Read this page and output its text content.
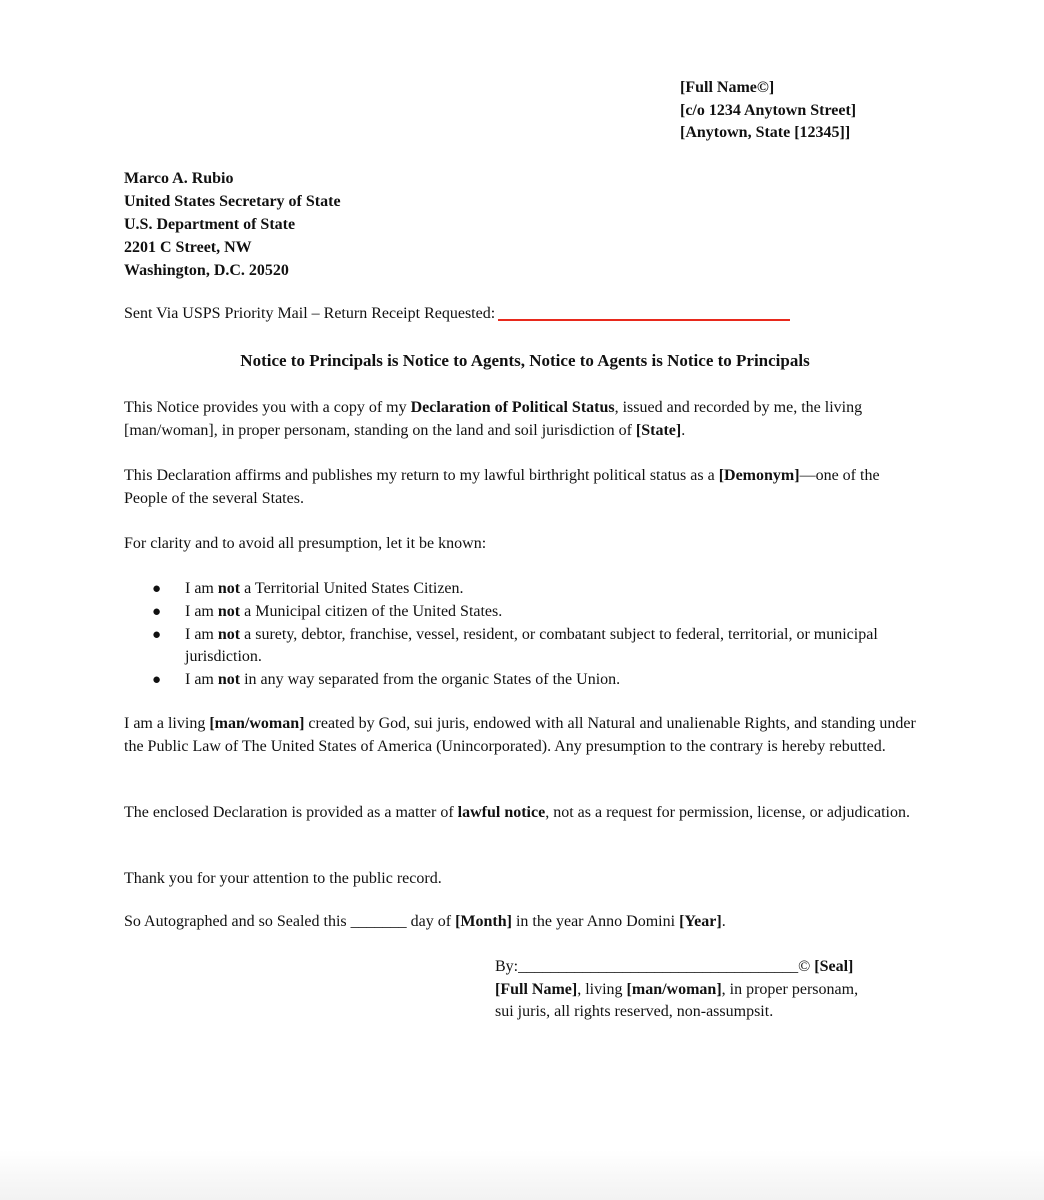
[Full Name©]
[c/o 1234 Anytown Street]
[Anytown, State [12345]]
Marco A. Rubio
United States Secretary of State
U.S. Department of State
2201 C Street, NW
Washington, D.C. 20520
Sent Via USPS Priority Mail – Return Receipt Requested:
Notice to Principals is Notice to Agents, Notice to Agents is Notice to Principals

This Notice provides you with a copy of my Declaration of Political Status, issued and recorded by me, the living [man/woman], in proper personam, standing on the land and soil jurisdiction of [State].

This Declaration affirms and publishes my return to my lawful birthright political status as a [Demonym]—one of the People of the several States.

For clarity and to avoid all presumption, let it be known:

● I am not a Territorial United States Citizen.
● I am not a Municipal citizen of the United States.
● I am not a surety, debtor, franchise, vessel, resident, or combatant subject to federal, territorial, or municipal jurisdiction.
● I am not in any way separated from the organic States of the Union.

I am a living [man/woman] created by God, sui juris, endowed with all Natural and unalienable Rights, and standing under the Public Law of The United States of America (Unincorporated). Any presumption to the contrary is hereby rebutted.

The enclosed Declaration is provided as a matter of lawful notice, not as a request for permission, license, or adjudication.

Thank you for your attention to the public record.

So Autographed and so Sealed this _______ day of [Month] in the year Anno Domini [Year].

By:___________________________________© [Seal]
[Full Name], living [man/woman], in proper personam,
sui juris, all rights reserved, non-assumpsit.
